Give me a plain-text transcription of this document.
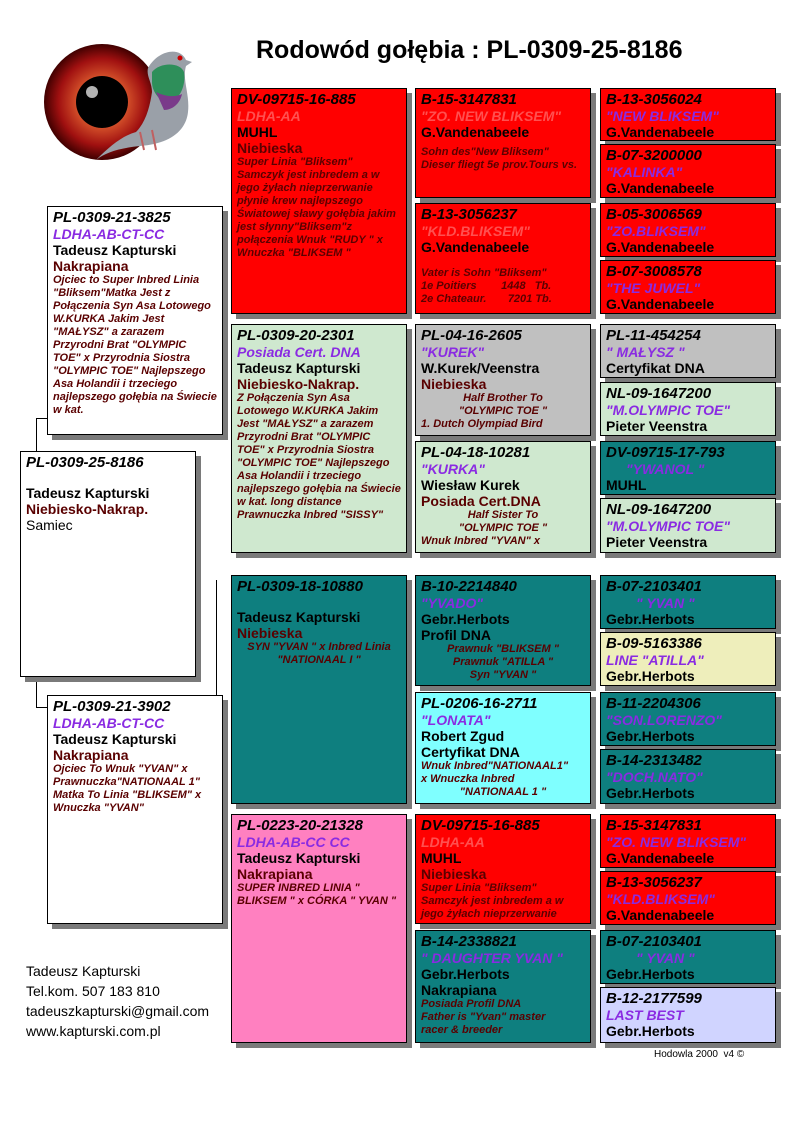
Rodowód gołębia : PL-0309-25-8186
PL-0309-25-8186
Tadeusz Kapturski
Niebiesko-Nakrap.
Samiec
PL-0309-21-3825
LDHA-AB-CT-CC
Tadeusz Kapturski
Nakrapiana
Ojciec to Super Inbred Linia "Bliksem"Matka Jest z Połączenia Syn Asa Lotowego W.KURKA Jakim Jest "MAŁYSZ" a zarazem Przyrodni Brat "OLYMPIC TOE" x Przyrodnia Siostra "OLYMPIC TOE" Najlepszego Asa Holandii i trzeciego najlepszego gołębia na Świecie w kat.
PL-0309-21-3902
LDHA-AB-CT-CC
Tadeusz Kapturski
Nakrapiana
Ojciec To Wnuk "YVAN" x Prawnuczka"NATIONAAL 1" Matka To Linia "BLIKSEM" x Wnuczka "YVAN"
DV-09715-16-885
LDHA-AA
MUHL
Niebieska
Super Linia "Bliksem" Samczyk jest inbredem a w jego żyłach nieprzerwanie płynie krew najlepszego Światowej sławy gołębia jakim jest słynny"Bliksem"z połączenia Wnuk "RUDY " x Wnuczka "BLIKSEM "
PL-0309-20-2301
Posiada Cert. DNA
Tadeusz Kapturski
Niebiesko-Nakrap.
Z Połączenia Syn Asa Lotowego W.KURKA Jakim Jest "MAŁYSZ" a zarazem Przyrodni Brat "OLYMPIC TOE" x Przyrodnia Siostra "OLYMPIC TOE" Najlepszego Asa Holandii i trzeciego najlepszego gołębia na Świecie w kat. long distance Prawnuczka Inbred "SISSY"
PL-0309-18-10880
Tadeusz Kapturski
Niebieska
SYN "YVAN " x Inbred Linia "NATIONAAL I "
PL-0223-20-21328
LDHA-AB-CC CC
Tadeusz Kapturski
Nakrapiana
SUPER INBRED LINIA " BLIKSEM " x CÓRKA " YVAN "
B-15-3147831
"ZO. NEW BLIKSEM"
G.Vandenabeele
Sohn des"New Bliksem" Dieser fliegt 5e prov.Tours vs.
B-13-3056237
"KLD.BLIKSEM"
G.Vandenabeele
Vater is Sohn "Bliksem"
1e Poitiers        1448   Tb.
2e Chateaur.       7201 Tb.
PL-04-16-2605
"KUREK"
W.Kurek/Veenstra
Niebieska
Half Brother To
"OLYMPIC TOE "
1. Dutch Olympiad Bird
PL-04-18-10281
"KURKA"
Wiesław Kurek
Posiada Cert.DNA
Half Sister To
"OLYMPIC TOE "
Wnuk Inbred "YVAN" x
B-10-2214840
"YVADO"
Gebr.Herbots
Profil DNA
Prawnuk "BLIKSEM "
Prawnuk "ATILLA "
Syn "YVAN "
PL-0206-16-2711
"LONATA"
Robert Zgud
Certyfikat DNA
Wnuk Inbred"NATIONAAL1"
x Wnuczka Inbred
"NATIONAAL 1 "
DV-09715-16-885
LDHA-AA
MUHL
Niebieska
Super Linia "Bliksem"
Samczyk jest inbredem a w
jego żyłach nieprzerwanie
B-14-2338821
" DAUGHTER YVAN "
Gebr.Herbots
Nakrapiana
Posiada Profil DNA
Father is "Yvan" master
racer & breeder
B-13-3056024
"NEW BLIKSEM"
G.Vandenabeele
B-07-3200000
"KALINKA"
G.Vandenabeele
B-05-3006569
"ZO.BLIKSEM"
G.Vandenabeele
B-07-3008578
"THE JUWEL"
G.Vandenabeele
PL-11-454254
" MAŁYSZ "
Certyfikat DNA
NL-09-1647200
"M.OLYMPIC TOE"
Pieter Veenstra
DV-09715-17-793
"YWANOL "
MUHL
NL-09-1647200
"M.OLYMPIC TOE"
Pieter Veenstra
B-07-2103401
" YVAN "
Gebr.Herbots
B-09-5163386
LINE "ATILLA"
Gebr.Herbots
B-11-2204306
"SON.LORENZO"
Gebr.Herbots
B-14-2313482
"DOCH.NATO"
Gebr.Herbots
B-15-3147831
"ZO. NEW BLIKSEM"
G.Vandenabeele
B-13-3056237
"KLD.BLIKSEM"
G.Vandenabeele
B-07-2103401
" YVAN "
Gebr.Herbots
B-12-2177599
LAST BEST
Gebr.Herbots
Tadeusz Kapturski
Tel.kom. 507 183 810
tadeuszkapturski@gmail.com
www.kapturski.com.pl
Hodowla 2000  v4 ©
